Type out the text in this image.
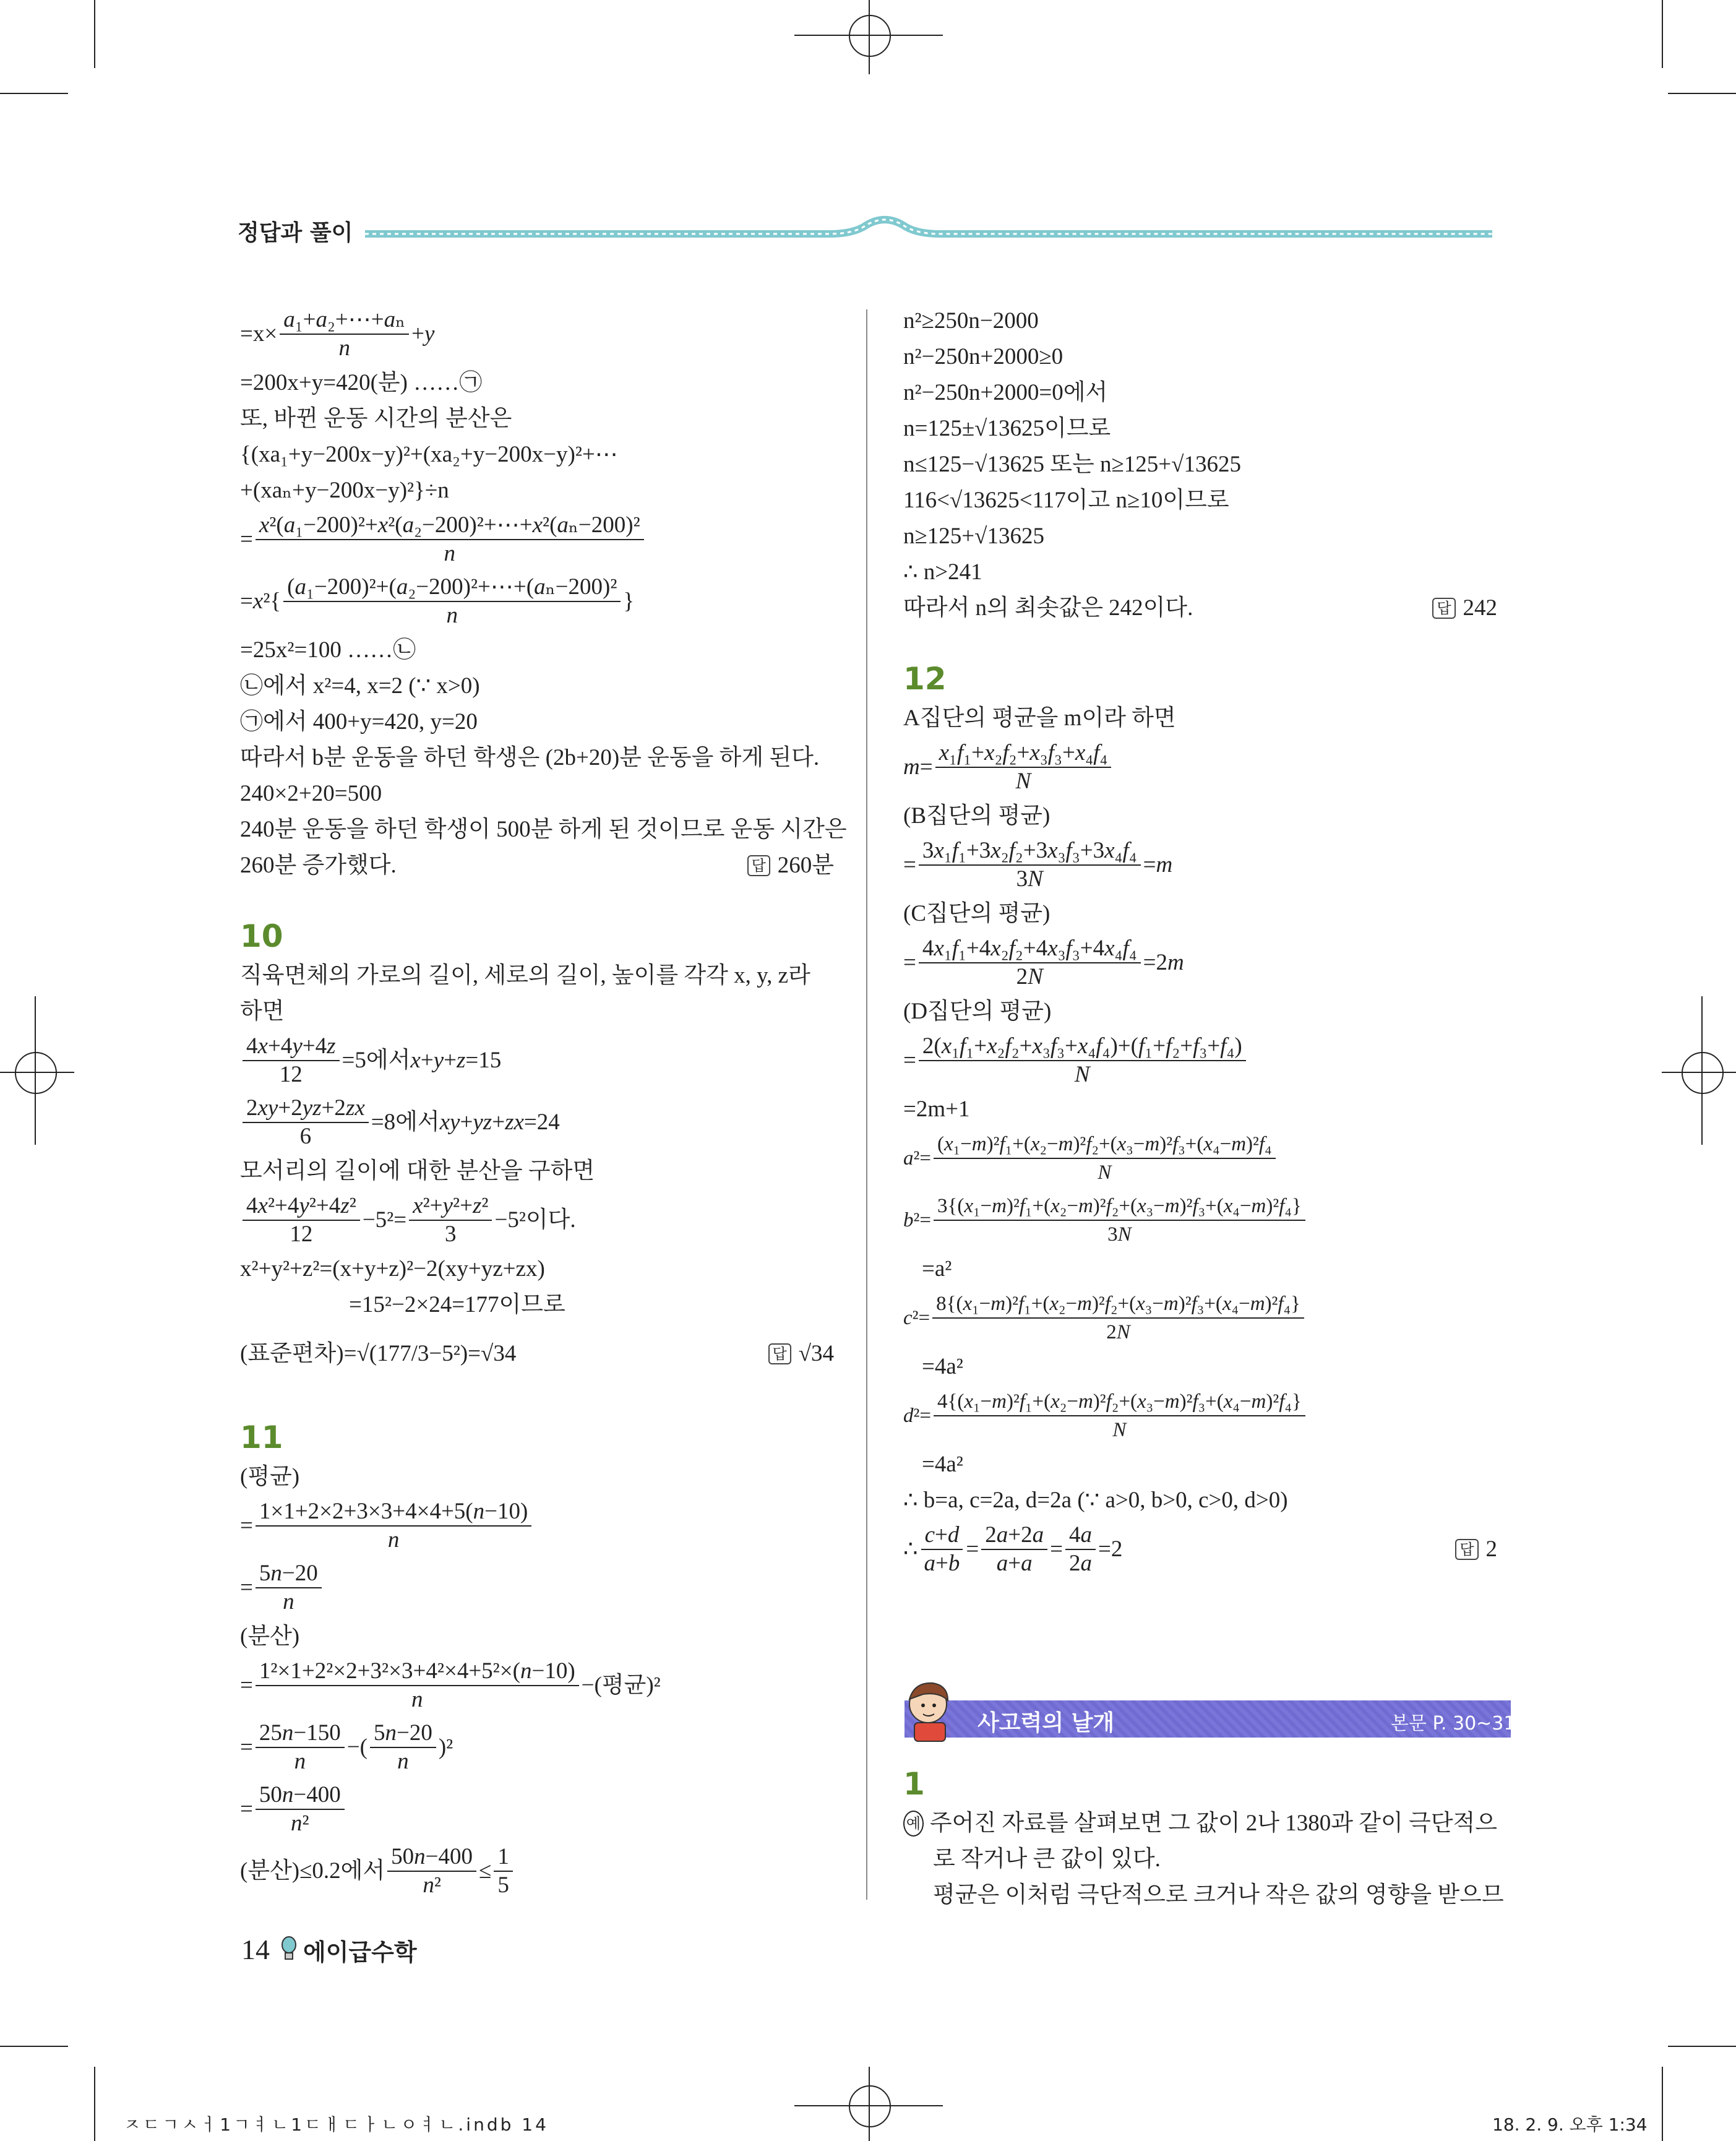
정답과 풀이
$=x\times \frac{\text{a₁+a₂+⋯+aₙ}}{n} + y$
=200x+y=420(분) ……㉠
또, 바뀐 운동 시간의 분산은
{(xa₁+y−200x−y)²+(xa₂+y−200x−y)²+⋯
+(xaₙ+y−200x−y)²}÷n
= $\frac{\text{x²(a₁−200)²+x²(a₂−200)²+⋯+x²(aₙ−200)²}}{n}$
= x $^2\{ \frac{\text{(a₁−200)²+(a₂−200)²+⋯+(aₙ−200)²}}{n}$ }
=25x²=100 ……㉡
㉡에서 x²=4, x=2 (∵ x>0)
㉠에서 400+y=420, y=20
따라서 b분 운동을 하던 학생은 (2b+20)분 운동을 하게 된다.
240×2+20=500
240분 운동을 하던 학생이 500분 하게 된 것이므로 운동 시간은
260분 증가했다.	답 260분
10
직육면체의 가로의 길이, 세로의 길이, 높이를 각각 x, y, z라
하면
$\frac{4x+4y+4z}{12} =5$에서 x + y + z =15
$\frac{2xy+2yz+2zx}{6} =8$에서 xy + yz + zx =24
모서리의 길이에 대한 분산을 구하면
$\frac{\text{4x²+4y²+4z²}}{12} -5^2= \frac{\text{x²+y²+z²}}{3} -5^2$이다.
x²+y²+z²=(x+y+z)²−2(xy+yz+zx)
=15²−2×24=177이므로
(표준편차)=√(177/3−5²)=√34	답 √34
11
(평균)
= $\frac{1\times 1+2\times 2+3\times 3+4\times 4+5(n-10)}{n}$
= $\frac{5n-20}{n}$
(분산)
= $\frac{\text{1²×1+2²×2+3²×3+4²×4+5²×(n−10)}}{n}$ −(평균)²
= $\frac{25n-150}{n}$ −( $\frac{5n-20}{n} )^2$
= $\frac{50n-400}{\text{n²}}$
(분산)≤0.2에서 $\frac{50n-400}{\text{n²}} \le \frac{1}{5}$
n²≥250n−2000
n²−250n+2000≥0
n²−250n+2000=0에서
n=125±√13625이므로
n≤125−√13625 또는 n≥125+√13625
116<√13625<117이고 n≥10이므로
n≥125+√13625
∴ n>241
따라서 n의 최솟값은 242이다.	답 242
12
A집단의 평균을 m이라 하면
$m = \frac{\text{x₁f₁+x₂f₂+x₃f₃+x₄f₄}}{N}$
(B집단의 평균)
= $\frac{\text{3x₁f₁+3x₂f₂+3x₃f₃+3x₄f₄}}{3N} = m$
(C집단의 평균)
= $\frac{\text{4x₁f₁+4x₂f₂+4x₃f₃+4x₄f₄}}{2N} =2$ m
(D집단의 평균)
= $\frac{\text{2(x₁f₁+x₂f₂+x₃f₃+x₄f₄)+(f₁+f₂+f₃+f₄)}}{N}$
=2m+1
a $^2= \frac{\text{(x₁−m)²f₁+(x₂−m)²f₂+(x₃−m)²f₃+(x₄−m)²f₄}}{N}$
b $^2= \frac{\text{3\{(x₁−m)²f₁+(x₂−m)²f₂+(x₃−m)²f₃+(x₄−m)²f₄\}}}{3N}$
=a²
c $^2= \frac{\text{8\{(x₁−m)²f₁+(x₂−m)²f₂+(x₃−m)²f₃+(x₄−m)²f₄\}}}{2N}$
=4a²
d $^2= \frac{\text{4\{(x₁−m)²f₁+(x₂−m)²f₂+(x₃−m)²f₃+(x₄−m)²f₄\}}}{N}$
=4a²
∴ b=a, c=2a, d=2a (∵ a>0, b>0, c>0, d>0)
∴ $\frac{c+d}{a+b} = \frac{2a+2a}{a+a} = \frac{4a}{2a} =2$	답 2
사고력의 날개	본문 P. 30~31
1
예 주어진 자료를 살펴보면 그 값이 2나 1380과 같이 극단적으
로 작거나 큰 값이 있다.
평균은 이처럼 극단적으로 크거나 작은 값의 영향을 받으므
14 에이급수학
ㅈㄷㄱㅅㅓ1ㄱㅕㄴ1ㄷㅐㄷㅏㄴㅇㅕㄴ.indb 14	18. 2. 9. 오후 1:34
